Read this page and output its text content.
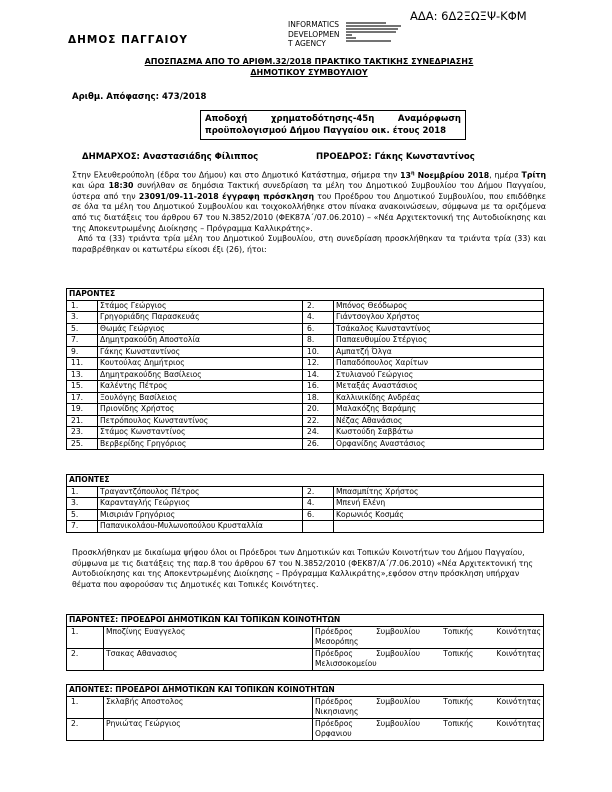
ΑΔΑ: 6Δ2ΞΩΞΨ-ΚΦΜ
ΔΗΜΟΣ ΠΑΓΓΑΙΟΥ
INFORMATICS
DEVELOPMEN
T AGENCY
ΑΠΟΣΠΑΣΜΑ ΑΠΟ ΤΟ ΑΡΙΘΜ.32/2018 ΠΡΑΚΤΙΚΟ ΤΑΚΤΙΚΗΣ ΣΥΝΕΔΡΙΑΣΗΣ
ΔΗΜΟΤΙΚΟΥ ΣΥΜΒΟΥΛΙΟΥ
Αριθμ. Απόφασης: 473/2018
Αποδοχή	χρηματοδότησης-45η	Αναμόρφωση
προϋπολογισμού Δήμου Παγγαίου οικ. έτους 2018
ΔΗΜΑΡΧΟΣ: Αναστασιάδης Φίλιππος	ΠΡΟΕΔΡΟΣ: Γάκης Κωνσταντίνος

Στην Ελευθερούπολη (έδρα του Δήμου) και στο Δημοτικό Κατάστημα, σήμερα την $13^\eta$ Νοεμβρίου 2018, ημέρα Τρίτη και ώρα 18:30 συνήλθαν σε δημόσια Τακτική συνεδρίαση τα μέλη του Δημοτικού Συμβουλίου του Δήμου Παγγαίου, ύστερα από την 23091/09-11-2018 έγγραφη πρόσκληση του Προέδρου του Δημοτικού Συμβουλίου, που επιδόθηκε σε όλα τα μέλη του Δημοτικού Συμβουλίου και τοιχοκολλήθηκε στον πίνακα ανακοινώσεων, σύμφωνα με τα οριζόμενα από τις διατάξεις του άρθρου 67 του Ν.3852/2010 (ΦΕΚ87Α΄/07.06.2010) – «Νέα Αρχιτεκτονική της Αυτοδιοίκησης και της Αποκεντρωμένης Διοίκησης – Πρόγραμμα Καλλικράτης».

Από τα (33) τριάντα τρία μέλη του Δημοτικού Συμβουλίου, στη συνεδρίαση προσκλήθηκαν τα τριάντα τρία (33) και παραβρέθηκαν οι κατωτέρω είκοσι έξι (26), ήτοι:

ΠΑΡΟΝΤΕΣ			
1.	Στάμος Γεώργιος	2.	Μπόνος Θεόδωρος
3.	Γρηγοριάδης Παρασκευάς	4.	Γιάντσογλου Χρήστος
5.	Θωμάς Γεώργιος	6.	Τσάκαλος Κωνσταντίνος
7.	Δημητρακούδη Αποστολία	8.	Παπαευθυμίου Στέργιος
9.	Γάκης Κωνσταντίνος	10.	Αμπατζή Όλγα
11.	Κουτούλας Δημήτριος	12.	Παπαδόπουλος Χαρίτων
13.	Δημητρακούδης Βασίλειος	14.	Στυλιανού Γεώργιος
15.	Καλέντης Πέτρος	16.	Μεταξάς Αναστάσιος
17.	Ξουλόγης Βασίλειος	18.	Καλλινικίδης Ανδρέας
19.	Πριονίδης Χρήστος	20.	Μαλακόζης Βαράμης
21.	Πετρόπουλος Κωνσταντίνος	22.	Νέζας Αθανάσιος
23.	Στάμος Κωνσταντίνος	24.	Κωστούδη Σαββάτω
25.	Βερβερίδης Γρηγόριος	26.	Ορφανίδης Αναστάσιος
ΑΠΟΝΤΕΣ			
1.	Τραγαντζόπουλος Πέτρος	2.	Μπασμπίτης Χρήστος
3.	Καρανταγλής Γεώργιος	4.	Μπενή Ελένη
5.	Μισιριάν Γρηγόριος	6.	Κορωνιός Κοσμάς
7.	Παπανικολάου-Μυλωνοπούλου Κρυσταλλία		
Προσκλήθηκαν με δικαίωμα ψήφου όλοι οι Πρόεδροι των Δημοτικών και Τοπικών Κοινοτήτων του Δήμου Παγγαίου, σύμφωνα με τις διατάξεις της παρ.8 του άρθρου 67 του Ν.3852/2010 (ΦΕΚ87/Α΄/7.06.2010) «Νέα Αρχιτεκτονική της Αυτοδιοίκησης και της Αποκεντρωμένης Διοίκησης – Πρόγραμμα Καλλικράτης»,εφόσον στην πρόσκληση υπήρχαν θέματα που αφορούσαν τις Δημοτικές και Τοπικές Κοινότητες.
ΠΑΡΟΝΤΕΣ: ΠΡΟΕΔΡΟΙ ΔΗΜΟΤΙΚΩΝ ΚΑΙ ΤΟΠΙΚΩΝ ΚΟΙΝΟΤΗΤΩΝ		
1.	Μποζίνης Ευαγγελος	Πρόεδρος Συμβουλίου Τοπικής Κοινότητας
Μεσορόπης

2.	Τσακας Αθανασιος	Πρόεδρος Συμβουλίου Τοπικής Κοινότητας
Μελισσοκομείου
ΑΠΟΝΤΕΣ: ΠΡΟΕΔΡΟΙ ΔΗΜΟΤΙΚΩΝ ΚΑΙ ΤΟΠΙΚΩΝ ΚΟΙΝΟΤΗΤΩΝ		
1.	Σκλαβής Αποστολος	Πρόεδρος Συμβουλίου Τοπικής Κοινότητας
Νικησιανης

2.	Ρηνιώτας Γεώργιος	Πρόεδρος Συμβουλίου Τοπικής Κοινότητας
Ορφανιου
